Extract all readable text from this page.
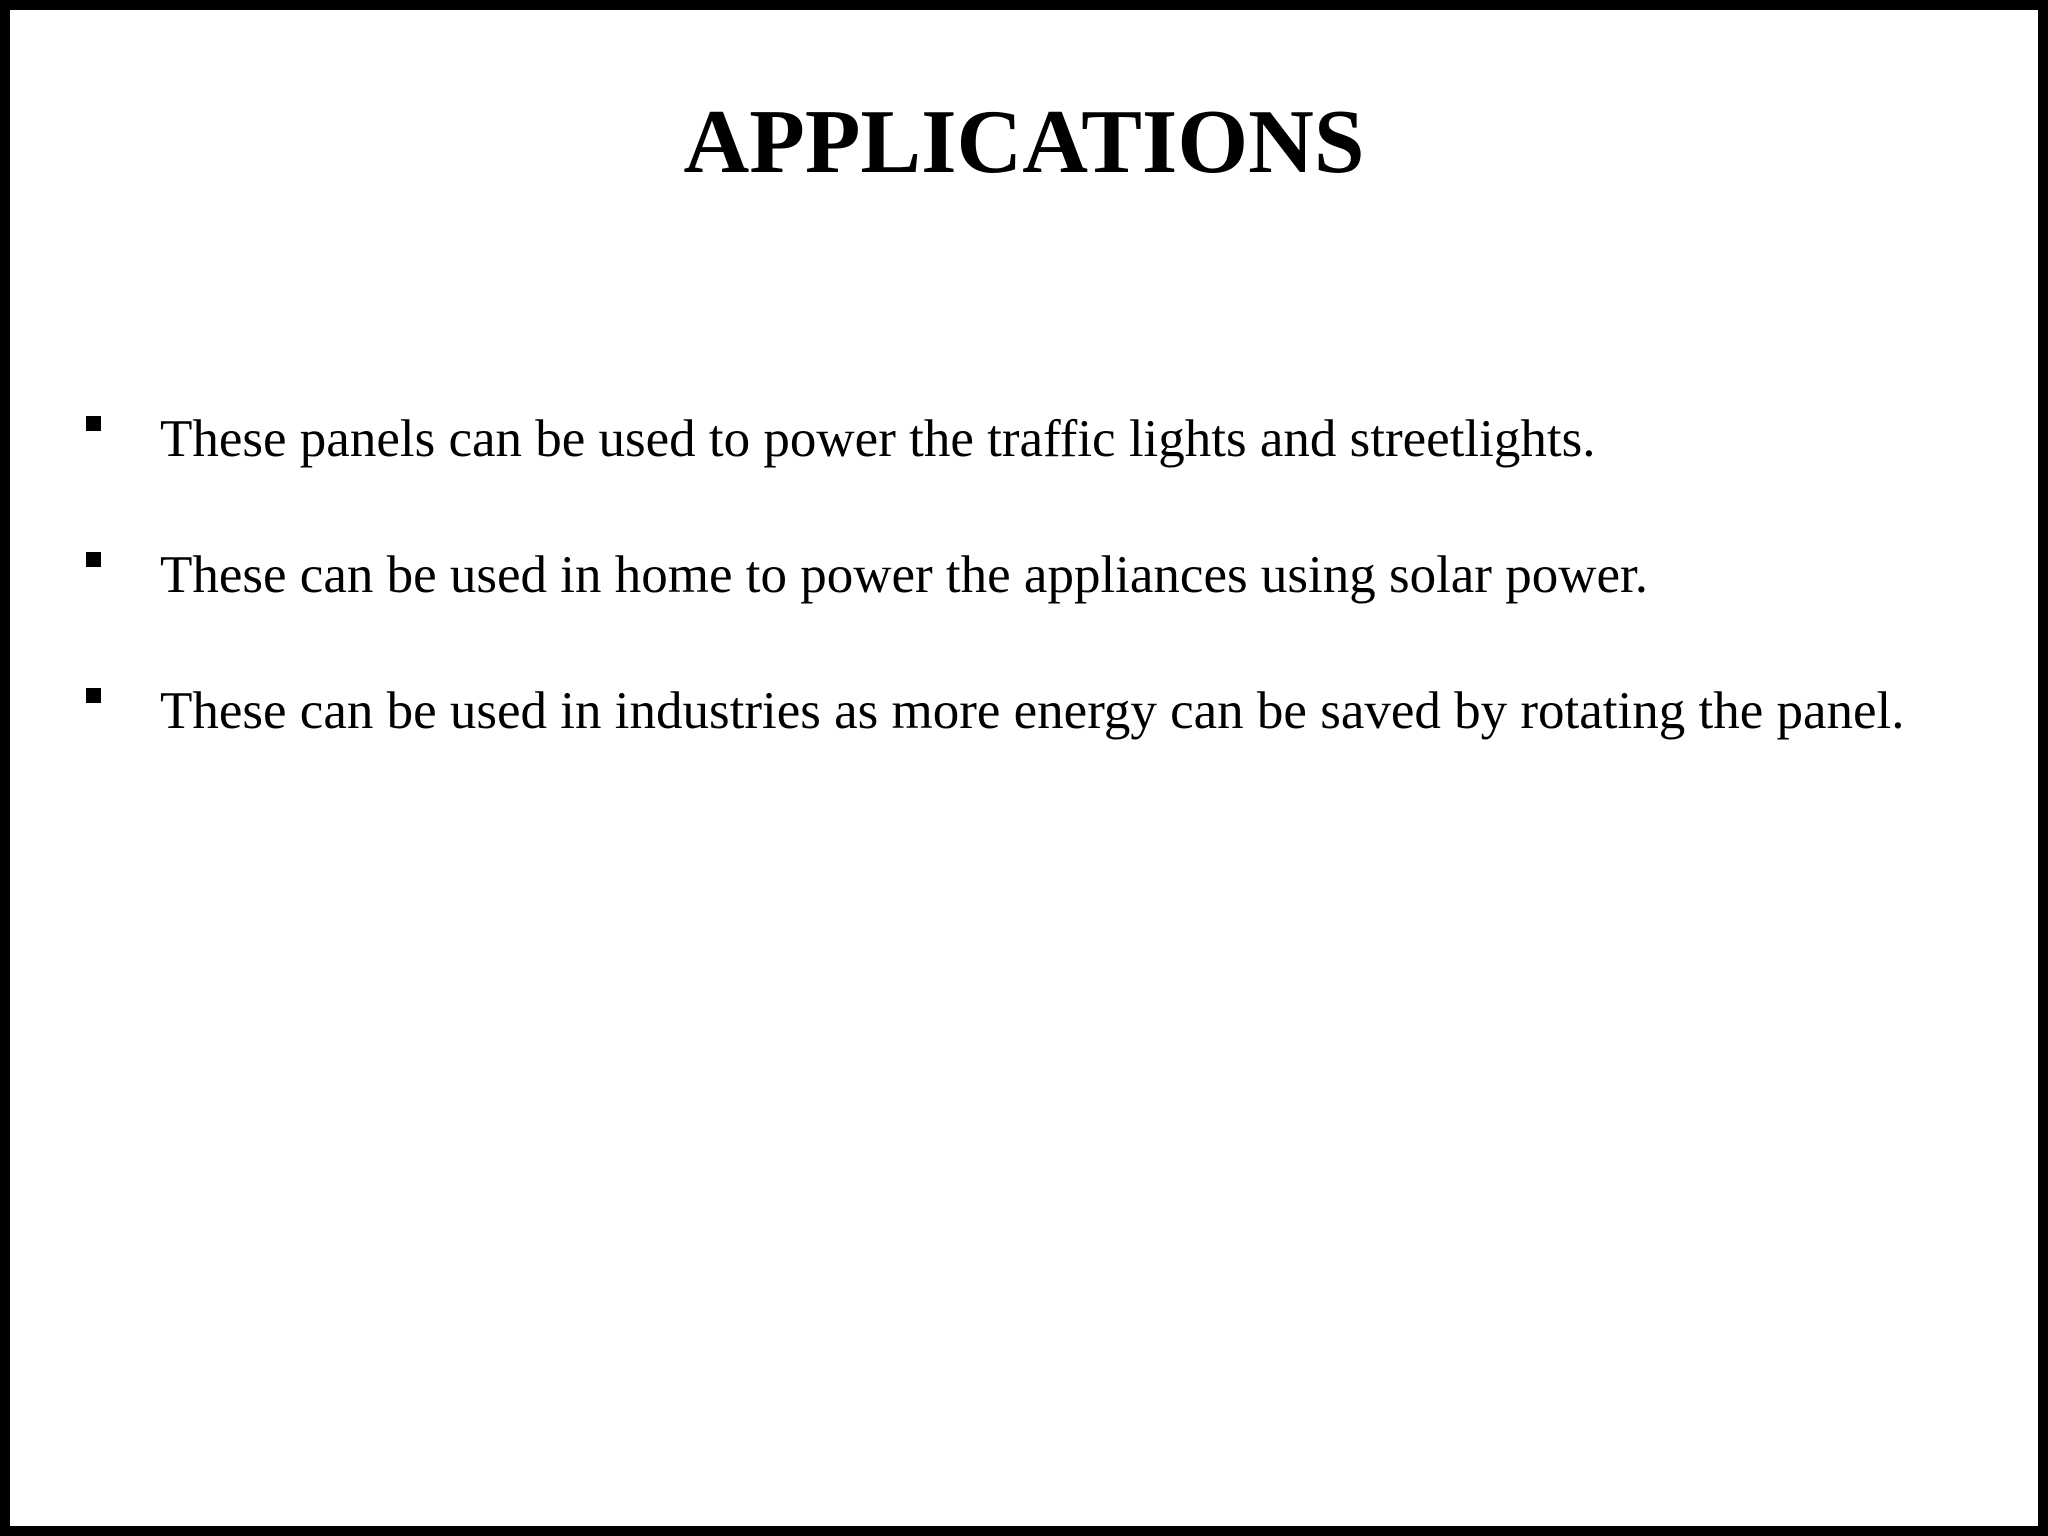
APPLICATIONS

These panels can be used to power the traffic lights and streetlights.

These can be used in home to power the appliances using solar power.

These can be used in industries as more energy can be saved by rotating the panel.
